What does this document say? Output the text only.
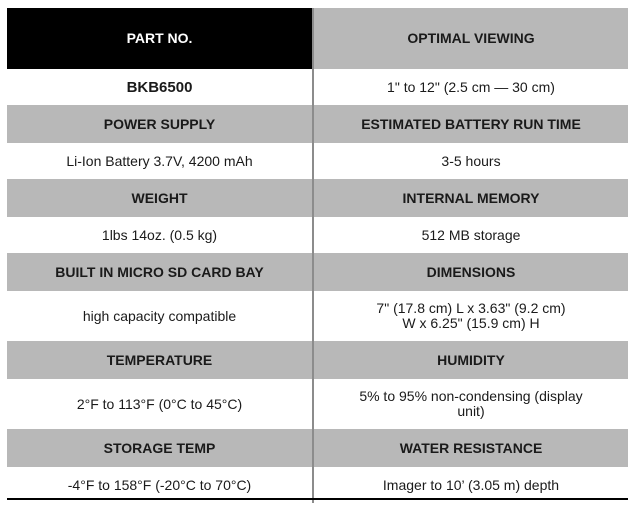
PART NO.	OPTIMAL VIEWING
BKB6500	1" to 12" (2.5 cm — 30 cm)
POWER SUPPLY	ESTIMATED BATTERY RUN TIME
Li-Ion Battery 3.7V, 4200 mAh	3-5 hours
WEIGHT	INTERNAL MEMORY
1lbs 14oz. (0.5 kg)	512 MB storage
BUILT IN MICRO SD CARD BAY	DIMENSIONS
high capacity compatible	7" (17.8 cm) L x 3.63" (9.2 cm)
W x 6.25" (15.9 cm) H
TEMPERATURE	HUMIDITY
2°F to 113°F (0°C to 45°C)	5% to 95% non-condensing (display
unit)
STORAGE TEMP	WATER RESISTANCE
-4°F to 158°F (-20°C to 70°C)	Imager to 10’ (3.05 m) depth
